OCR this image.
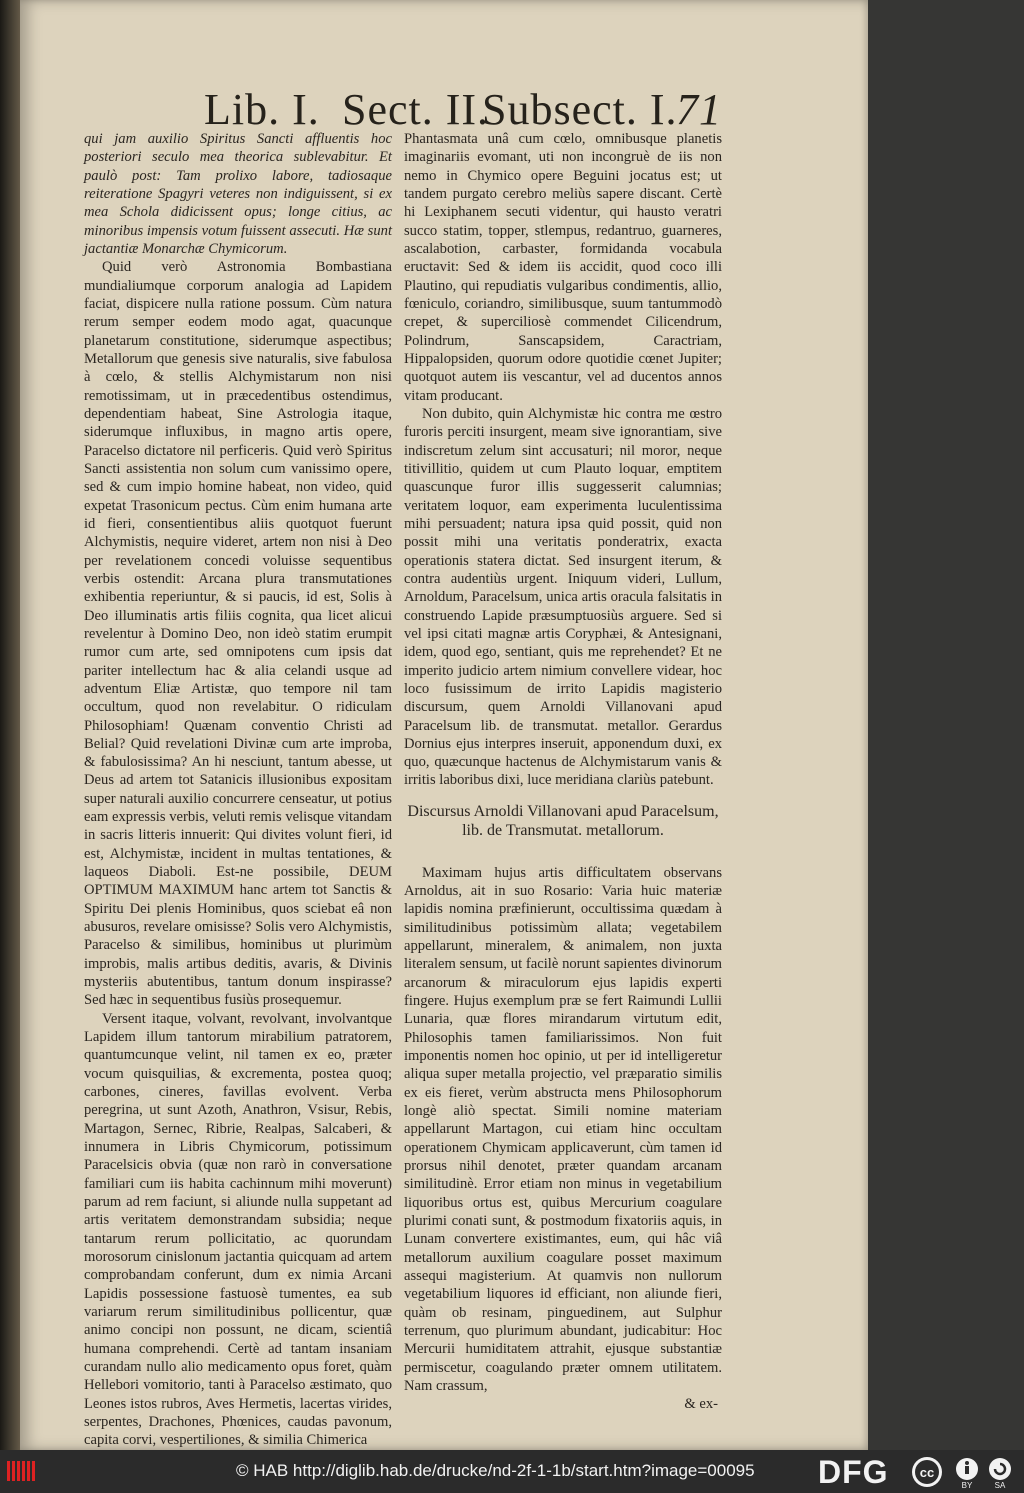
Lib. I. Sect. II.
Subsect. I.
71

qui jam auxilio Spiritus Sancti affluentis hoc posteriori seculo mea theorica sublevabitur. Et paulò post: Tam prolixo labore, tadiosaque reiteratione Spagyri veteres non indiguissent, si ex mea Schola didicissent opus; longe citius, ac minoribus impensis votum fuissent assecuti. Hæ sunt jactantiæ Monarchæ Chymicorum.

Quid verò Astronomia Bombastiana mundialiumque corporum analogia ad Lapidem faciat, dispicere nulla ratione possum. Cùm natura rerum semper eodem modo agat, quacunque planetarum constitutione, siderumque aspectibus; Metallorum que genesis sive naturalis, sive fabulosa à cœlo, & stellis Alchymistarum non nisi remotissimam, ut in præcedentibus ostendimus, dependentiam habeat, Sine Astrologia itaque, siderumque influxibus, in magno artis opere, Paracelso dictatore nil perficeris. Quid verò Spiritus Sancti assistentia non solum cum vanissimo opere, sed & cum impio homine habeat, non video, quid expetat Trasonicum pectus. Cùm enim humana arte id fieri, consentientibus aliis quotquot fuerunt Alchymistis, nequire videret, artem non nisi à Deo per revelationem concedi voluisse sequentibus verbis ostendit: Arcana plura transmutationes exhibentia reperiuntur, & si paucis, id est, Solis à Deo illuminatis artis filiis cognita, qua licet alicui revelentur à Domino Deo, non ideò statim erumpit rumor cum arte, sed omnipotens cum ipsis dat pariter intellectum hac & alia celandi usque ad adventum Eliæ Artistæ, quo tempore nil tam occultum, quod non revelabitur. O ridiculam Philosophiam! Quænam conventio Christi ad Belial? Quid revelationi Divinæ cum arte improba, & fabulosissima? An hi nesciunt, tantum abesse, ut Deus ad artem tot Satanicis illusionibus expositam super naturali auxilio concurrere censeatur, ut potius eam expressis verbis, veluti remis velisque vitandam in sacris litteris innuerit: Qui divites volunt fieri, id est, Alchymistæ, incident in multas tentationes, & laqueos Diaboli. Est-ne possibile, DEUM OPTIMUM MAXIMUM hanc artem tot Sanctis & Spiritu Dei plenis Hominibus, quos sciebat eâ non abusuros, revelare omisisse? Solis vero Alchymistis, Paracelso & similibus, hominibus ut plurimùm improbis, malis artibus deditis, avaris, & Divinis mysteriis abutentibus, tantum donum inspirasse? Sed hæc in sequentibus fusiùs prosequemur.

Versent itaque, volvant, revolvant, involvantque Lapidem illum tantorum mirabilium patratorem, quantumcunque velint, nil tamen ex eo, præter vocum quisquilias, & excrementa, postea quoq; carbones, cineres, favillas evolvent. Verba peregrina, ut sunt Azoth, Anathron, Vsisur, Rebis, Martagon, Sernec, Ribrie, Realpas, Salcaberi, & innumera in Libris Chymicorum, potissimum Paracelsicis obvia (quæ non rarò in conversatione familiari cum iis habita cachinnum mihi moverunt) parum ad rem faciunt, si aliunde nulla suppetant ad artis veritatem demonstrandam subsidia; neque tantarum rerum pollicitatio, ac quorundam morosorum cinislonum jactantia quicquam ad artem comprobandam conferunt, dum ex nimia Arcani Lapidis possessione fastuosè tumentes, ea sub variarum rerum similitudinibus pollicentur, quæ animo concipi non possunt, ne dicam, scientiâ humana comprehendi. Certè ad tantam insaniam curandam nullo alio medicamento opus foret, quàm Hellebori vomitorio, tanti à Paracelso æstimato, quo Leones istos rubros, Aves Hermetis, lacertas virides, serpentes, Drachones, Phœnices, caudas pavonum, capita corvi, vespertiliones, & similia Chimerica

Phantasmata unâ cum cœlo, omnibusque planetis imaginariis evomant, uti non incongruè de iis non nemo in Chymico opere Beguini jocatus est; ut tandem purgato cerebro meliùs sapere discant. Certè hi Lexiphanem secuti videntur, qui hausto veratri succo statim, topper, stlempus, redantruo, guarneres, ascalabotion, carbaster, formidanda vocabula eructavit: Sed & idem iis accidit, quod coco illi Plautino, qui repudiatis vulgaribus condimentis, allio, fœniculo, coriandro, similibusque, suum tantummodò crepet, & superciliosè commendet Cilicendrum, Polindrum, Sanscapsidem, Caractriam, Hippalopsiden, quorum odore quotidie cœnet Jupiter; quotquot autem iis vescantur, vel ad ducentos annos vitam producant.

Non dubito, quin Alchymistæ hic contra me œstro furoris perciti insurgent, meam sive ignorantiam, sive indiscretum zelum sint accusaturi; nil moror, neque titivillitio, quidem ut cum Plauto loquar, emptitem quascunque furor illis suggesserit calumnias; veritatem loquor, eam experimenta luculentissima mihi persuadent; natura ipsa quid possit, quid non possit mihi una veritatis ponderatrix, exacta operationis statera dictat. Sed insurgent iterum, & contra audentiùs urgent. Iniquum videri, Lullum, Arnoldum, Paracelsum, unica artis oracula falsitatis in construendo Lapide præsumptuosiùs arguere. Sed si vel ipsi citati magnæ artis Coryphæi, & Antesignani, idem, quod ego, sentiant, quis me reprehendet? Et ne imperito judicio artem nimium convellere videar, hoc loco fusissimum de irrito Lapidis magisterio discursum, quem Arnoldi Villanovani apud Paracelsum lib. de transmutat. metallor. Gerardus Dornius ejus interpres inseruit, apponendum duxi, ex quo, quæcunque hactenus de Alchymistarum vanis & irritis laboribus dixi, luce meridiana clariùs patebunt.

Discursus Arnoldi Villanovani apud Paracelsum, lib. de Transmutat. metallorum.

Maximam hujus artis difficultatem observans Arnoldus, ait in suo Rosario: Varia huic materiæ lapidis nomina præfinierunt, occultissima quædam à similitudinibus potissimùm allata; vegetabilem appellarunt, mineralem, & animalem, non juxta literalem sensum, ut facilè norunt sapientes divinorum arcanorum & miraculorum ejus lapidis experti fingere. Hujus exemplum præ se fert Raimundi Lullii Lunaria, quæ flores mirandarum virtutum edit, Philosophis tamen familiarissimos. Non fuit imponentis nomen hoc opinio, ut per id intelligeretur aliqua super metalla projectio, vel præparatio similis ex eis fieret, verùm abstructa mens Philosophorum longè aliò spectat. Simili nomine materiam appellarunt Martagon, cui etiam hinc occultam operationem Chymicam applicaverunt, cùm tamen id prorsus nihil denotet, præter quandam arcanam similitudinè. Error etiam non minus in vegetabilium liquoribus ortus est, quibus Mercurium coagulare plurimi conati sunt, & postmodum fixatoriis aquis, in Lunam convertere existimantes, eum, qui hâc viâ metallorum auxilium coagulare posset maximum assequi magisterium. At quamvis non nullorum vegetabilium liquores id efficiant, non aliunde fieri, quàm ob resinam, pinguedinem, aut Sulphur terrenum, quo plurimum abundant, judicabitur: Hoc Mercurii humiditatem attrahit, ejusque substantiæ permiscetur, coagulando præter omnem utilitatem. Nam crassum,

& ex-

© HAB http://diglib.hab.de/drucke/nd-2f-1-1b/start.htm?image=00095 DFG cc
BY	SA
